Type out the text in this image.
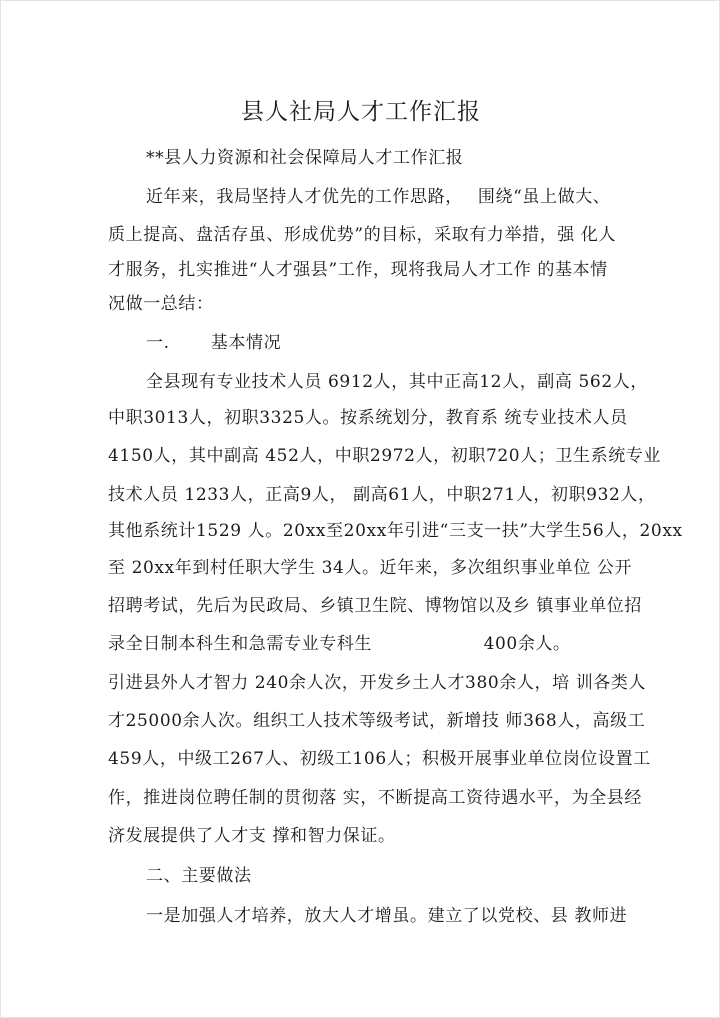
县人社局人才工作汇报
**县人力资源和社会保障局人才工作汇报
近年来，我局坚持人才优先的工作思路，　 围绕“虽上做大、
质上提高、盘活存虽、形成优势”的目标，采取有力举措，强 化人
才服务，扎实推进“人才强县”工作，现将我局人才工作 的基本情
况做一总结：
一.　　 基本情况
全县现有专业技术人员 6912人，其中正高12人，副高 562人，
中职3013人，初职3325人。按系统划分，教育系 统专业技术人员
4150人，其中副高 452人，中职2972人，初职720人；卫生系统专业
技术人员 1233人，正高9人， 副高61人，中职271人，初职932人，
其他系统计1529 人。20xx至20xx年引进“三支一扶”大学生56人，20xx
至 20xx年到村任职大学生 34人。近年来，多次组织事业单位 公开
招聘考试，先后为民政局、乡镇卫生院、博物馆以及乡 镇事业单位招
录全日制本科生和急需专业专科生　　　　　　 400余人。
引进县外人才智力 240余人次，开发乡土人才380余人，培 训各类人
才25000余人次。组织工人技术等级考试，新增技 师368人，高级工
459人，中级工267人、初级工106人；积极开展事业单位岗位设置工
作，推进岗位聘任制的贯彻落 实，不断提高工资待遇水平，为全县经
济发展提供了人才支 撑和智力保证。
二、主要做法
一是加强人才培养，放大人才增虽。建立了以党校、县 教师进
